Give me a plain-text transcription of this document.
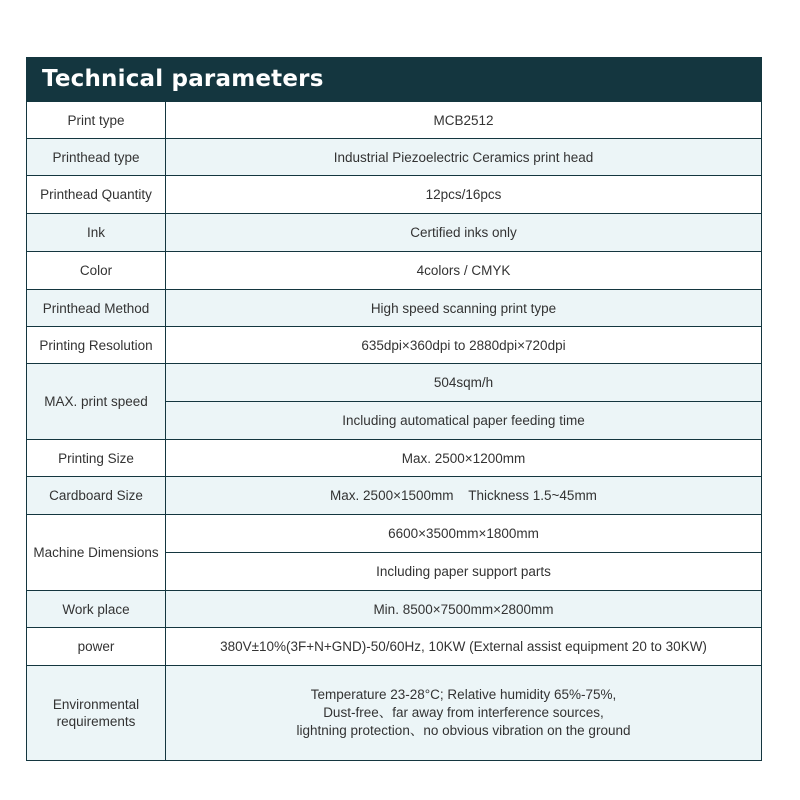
Technical parameters
Print type	MCB2512
Printhead type	Industrial Piezoelectric Ceramics print head
Printhead Quantity	12pcs/16pcs
Ink	Certified inks only
Color	4colors / CMYK
Printhead Method	High speed scanning print type
Printing Resolution	635dpi×360dpi to 2880dpi×720dpi
MAX. print speed	504sqm/h
	Including automatical paper feeding time
Printing Size	Max. 2500×1200mm
Cardboard Size	Max. 2500×1500mm    Thickness 1.5~45mm
Machine Dimensions	6600×3500mm×1800mm
	Including paper support parts
Work place	Min. 8500×7500mm×2800mm
power	380V±10%(3F+N+GND)-50/60Hz, 10KW (External assist equipment 20 to 30KW)
Environmental requirements	Temperature 23-28°C; Relative humidity 65%-75%,
Dust-free、far away from interference sources,
lightning protection、no obvious vibration on the ground
